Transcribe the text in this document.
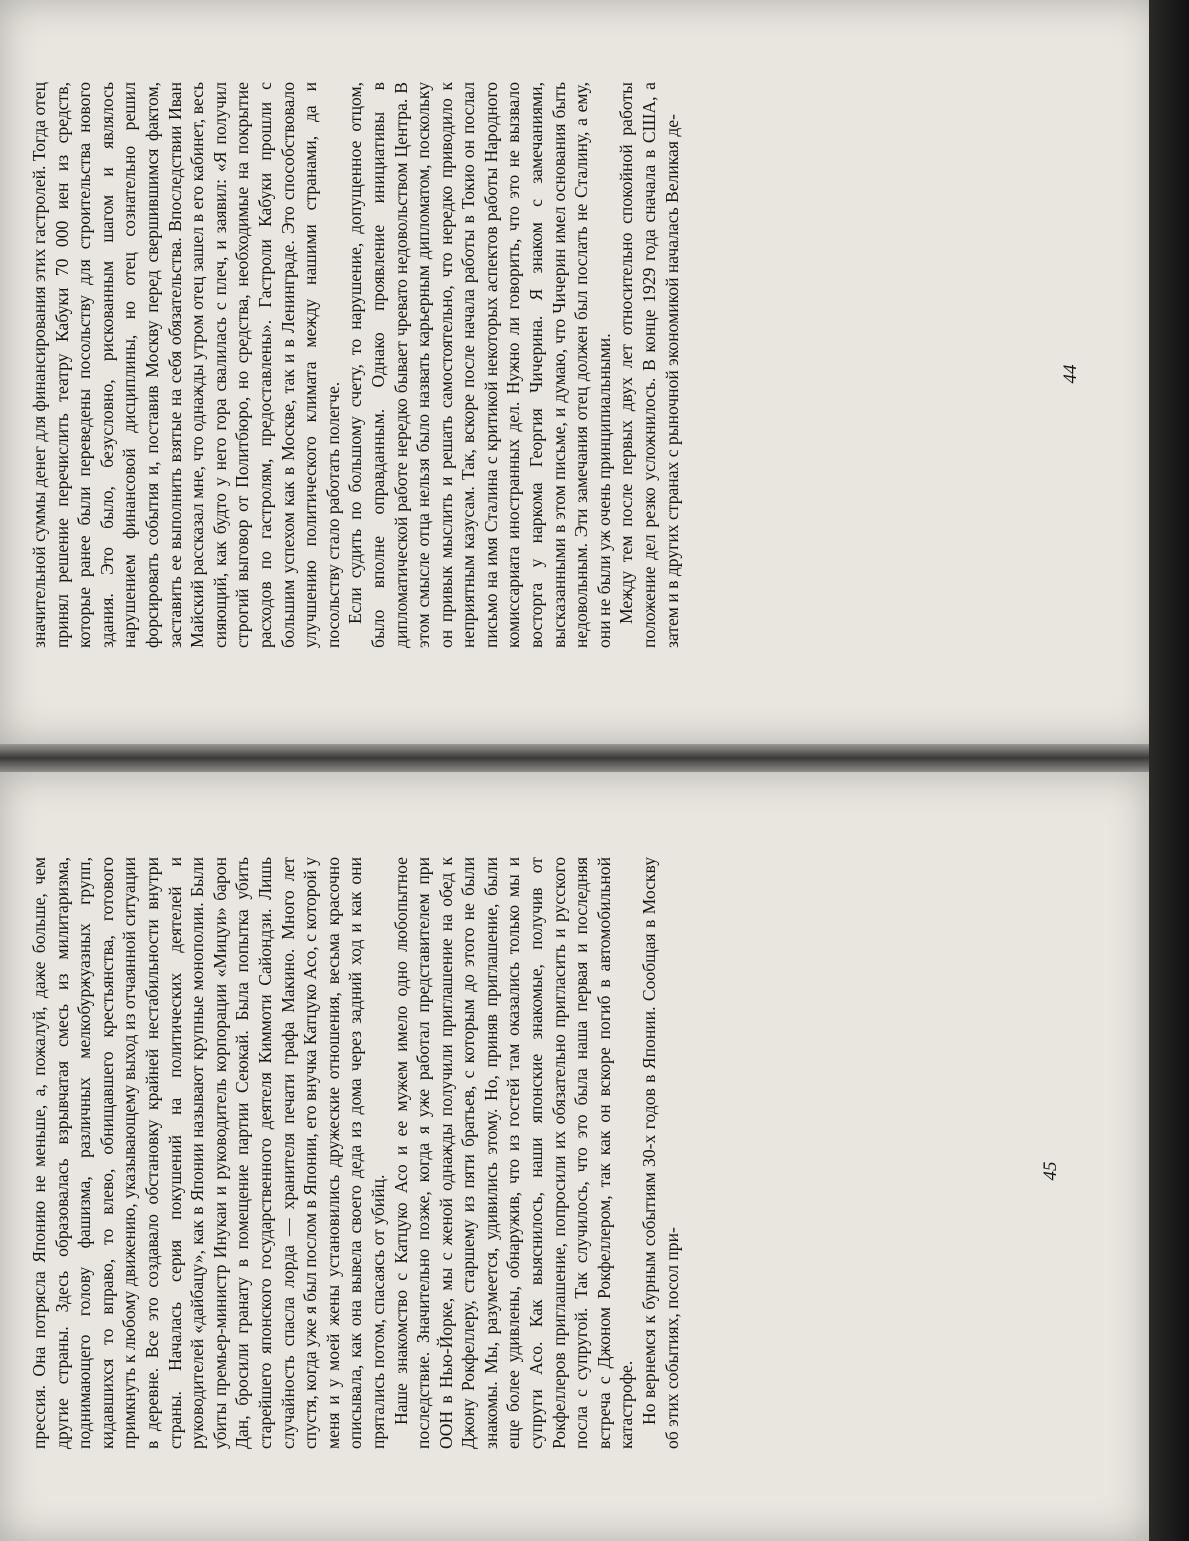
значительной суммы денег для финансирования этих гастролей. Тогда отец принял решение перечислить театру Кабуки 70 000 иен из средств, которые ранее были переведены посольству для строительства нового здания. Это было, безусловно, рискованным шагом и являлось нарушением финансовой дисциплины, но отец сознательно решил форсировать события и, поставив Москву перед свершившимся фактом, заставить ее выполнить взятые на себя обязательства. Впоследствии Иван Майский рассказал мне, что однажды утром отец зашел в его кабинет, весь сияющий, как будто у него гора свалилась с плеч, и заявил: «Я получил строгий выговор от Политбюро, но средства, необходимые на покрытие расходов по гастролям, предоставлены». Гастроли Кабуки прошли с большим успехом как в Москве, так и в Ленинграде. Это способствовало улучшению политического климата между нашими странами, да и посольству стало работать полегче. Если судить по большому счету, то нарушение, допущенное отцом, было вполне оправданным. Однако проявление инициативы в дипломатической работе нередко бывает чревато недовольством Центра. В этом смысле отца нельзя было назвать карьерным дипломатом, поскольку он привык мыслить и решать самостоятельно, что нередко приводило к неприятным казусам. Так, вскоре после начала работы в Токио он послал письмо на имя Сталина с критикой некоторых аспектов работы Народного комиссариата иностранных дел. Нужно ли говорить, что это не вызвало восторга у наркома Георгия Чичерина. Я знаком с замечаниями, высказанными в этом письме, и думаю, что Чичерин имел основания быть недовольным. Эти замечания отец должен был послать не Сталину, а ему, они не были уж очень принципиальными. Между тем после первых двух лет относительно спокойной работы положение дел резко усложнилось. В конце 1929 года сначала в США, а затем и в других странах с рыночной экономикой началась Великая де-	44

прессия. Она потрясла Японию не меньше, а, пожалуй, даже больше, чем другие страны. Здесь образовалась взрывчатая смесь из милитаризма, поднимающего голову фашизма, различных мелкобуржуазных групп, кидавшихся то вправо, то влево, обнищавшего крестьянства, готового примкнуть к любому движению, указывающему выход из отчаянной ситуации в деревне. Все это создавало обстановку крайней нестабильности внутри страны. Началась серия покушений на политических деятелей и руководителей «дайбацу», как в Японии называют крупные монополии. Были убиты премьер-министр Инукаи и руководитель корпорации «Мицуи» барон Дан, бросили гранату в помещение партии Сеюкай. Была попытка убить старейшего японского государственного деятеля Киммоти Сайондзи. Лишь случайность спасла лорда — хранителя печати графа Макино. Много лет спустя, когда уже я был послом в Японии, его внучка Катцуко Асо, с которой у меня и у моей жены установились дружеские отношения, весьма красочно описывала, как она вывела своего деда из дома через задний ход и как они прятались потом, спасаясь от убийц. Наше знакомство с Катцуко Асо и ее мужем имело одно любопытное последствие. Значительно позже, когда я уже работал представителем при ООН в Нью-Йорке, мы с женой однажды получили приглашение на обед к Джону Рокфеллеру, старшему из пяти братьев, с которым до этого не были знакомы. Мы, разумеется, удивились этому. Но, приняв приглашение, были еще более удивлены, обнаружив, что из гостей там оказались только мы и супруги Асо. Как выяснилось, наши японские знакомые, получив от Рокфеллеров приглашение, попросили их обязательно пригласить и русского посла с супругой. Так случилось, что это была наша первая и последняя встреча с Джоном Рокфеллером, так как он вскоре погиб в автомобильной катастрофе. Но вернемся к бурным событиям 30-х годов в Японии. Сообщая в Москву об этих событиях, посол при-

45
